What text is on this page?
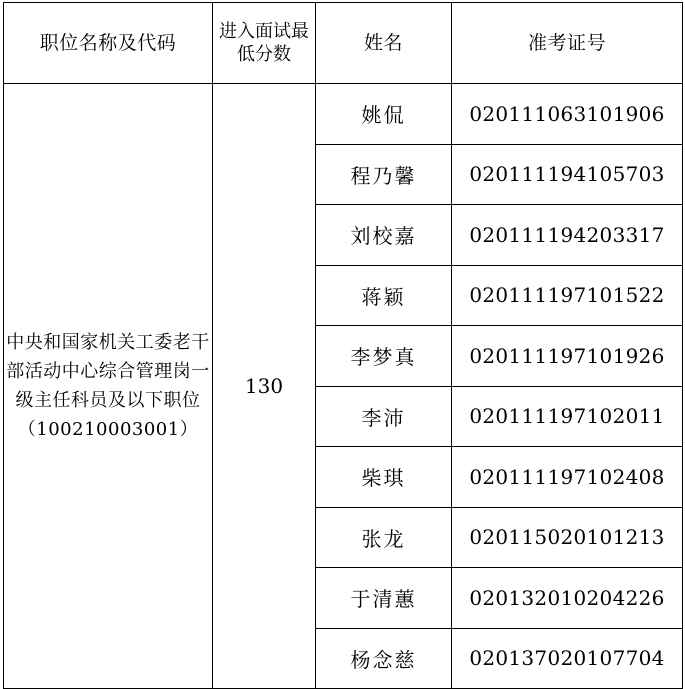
职位名称及代码	进入面试最低分数	姓名	准考证号

中央和国家机关工委老干部活动中心综合管理岗一级主任科员及以下职位（100210003001）	130	姚侃	020111063101906
		程乃馨	020111194105703
		刘校嘉	020111194203317
		蒋颖	020111197101522
		李梦真	020111197101926
		李沛	020111197102011
		柴琪	020111197102408
		张龙	020115020101213
		于清蕙	020132010204226
		杨念慈	020137020107704
